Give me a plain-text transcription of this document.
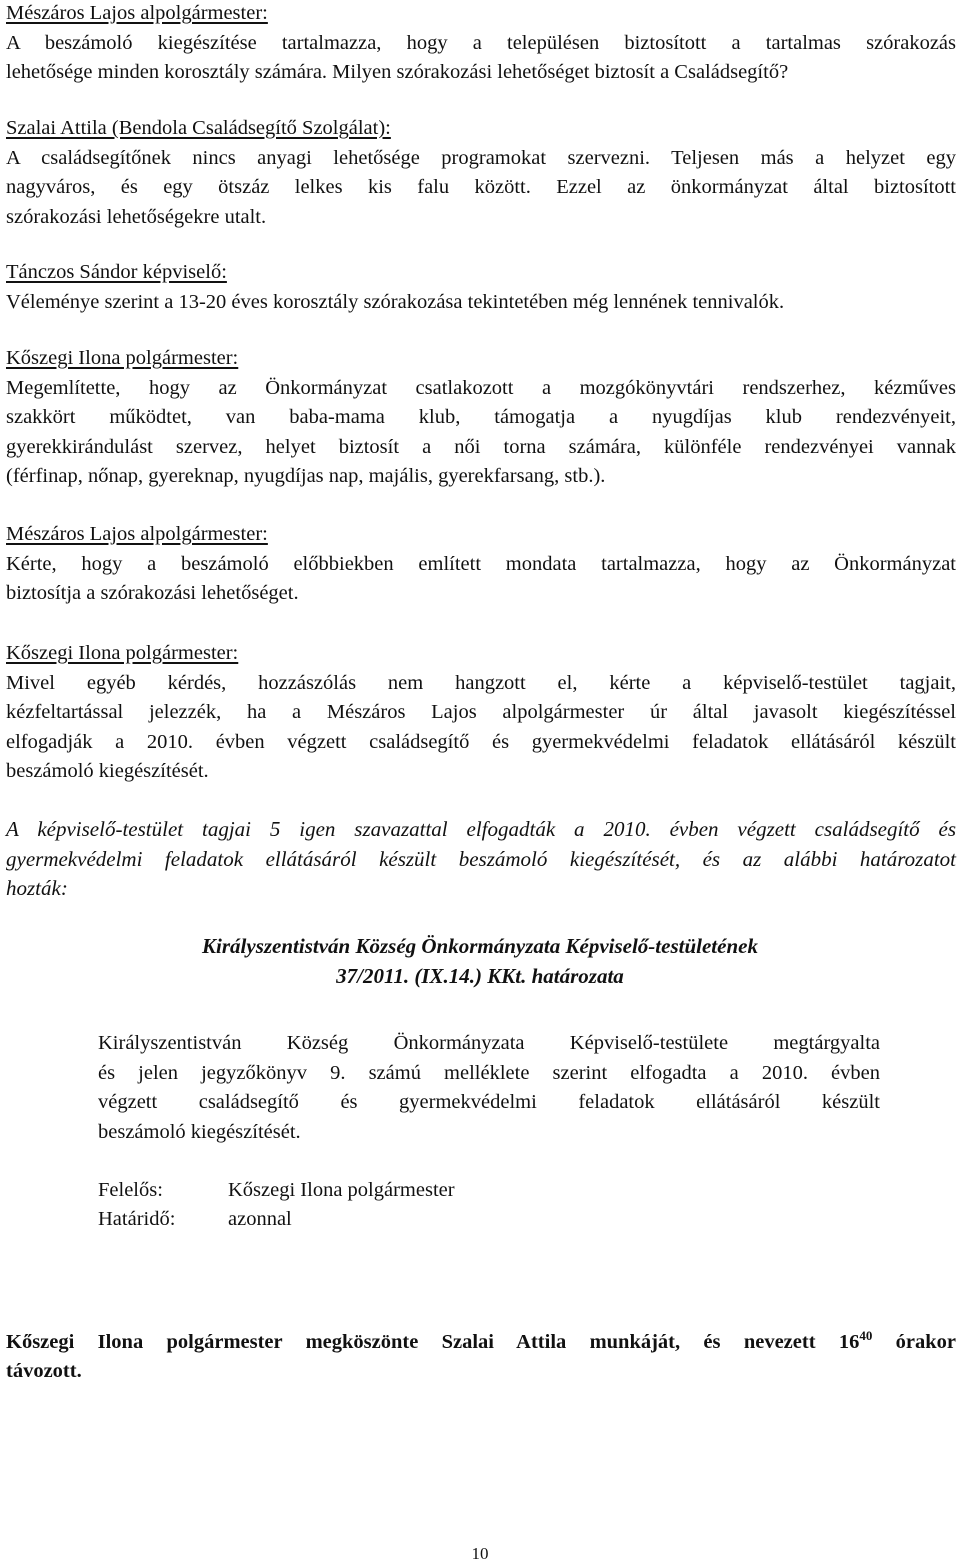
Mészáros Lajos alpolgármester:
A beszámoló kiegészítése tartalmazza, hogy a településen biztosított a tartalmas szórakozás
lehetősége minden korosztály számára. Milyen szórakozási lehetőséget biztosít a Családsegítő?
Szalai Attila (Bendola Családsegítő Szolgálat):
A családsegítőnek nincs anyagi lehetősége programokat szervezni. Teljesen más a helyzet egy
nagyváros, és egy ötszáz lelkes kis falu között. Ezzel az önkormányzat által biztosított
szórakozási lehetőségekre utalt.
Tánczos Sándor képviselő:
Véleménye szerint a 13-20 éves korosztály szórakozása tekintetében még lennének tennivalók.
Kőszegi Ilona polgármester:
Megemlítette, hogy az Önkormányzat csatlakozott a mozgókönyvtári rendszerhez, kézműves
szakkört működtet, van baba-mama klub, támogatja a nyugdíjas klub rendezvényeit,
gyerekkirándulást szervez, helyet biztosít a női torna számára, különféle rendezvényei vannak
(férfinap, nőnap, gyereknap, nyugdíjas nap, majális, gyerekfarsang, stb.).
Mészáros Lajos alpolgármester:
Kérte, hogy a beszámoló előbbiekben említett mondata tartalmazza, hogy az Önkormányzat
biztosítja a szórakozási lehetőséget.
Kőszegi Ilona polgármester:
Mivel egyéb kérdés, hozzászólás nem hangzott el, kérte a képviselő-testület tagjait,
kézfeltartással jelezzék, ha a Mészáros Lajos alpolgármester úr által javasolt kiegészítéssel
elfogadják a 2010. évben végzett családsegítő és gyermekvédelmi feladatok ellátásáról készült
beszámoló kiegészítését.
A képviselő-testület tagjai 5 igen szavazattal elfogadták a 2010. évben végzett családsegítő és
gyermekvédelmi feladatok ellátásáról készült beszámoló kiegészítését, és az alábbi határozatot
hozták:
Királyszentistván Község Önkormányzata Képviselő-testületének
37/2011. (IX.14.) KKt. határozata
Királyszentistván Község Önkormányzata Képviselő-testülete megtárgyalta
és jelen jegyzőkönyv 9. számú melléklete szerint elfogadta a 2010. évben
végzett családsegítő és gyermekvédelmi feladatok ellátásáról készült
beszámoló kiegészítését.
Felelős:	Kőszegi Ilona polgármester
Határidő:	azonnal
Kőszegi Ilona polgármester megköszönte Szalai Attila munkáját, és nevezett $16^{40}$ órakor
távozott.
10
